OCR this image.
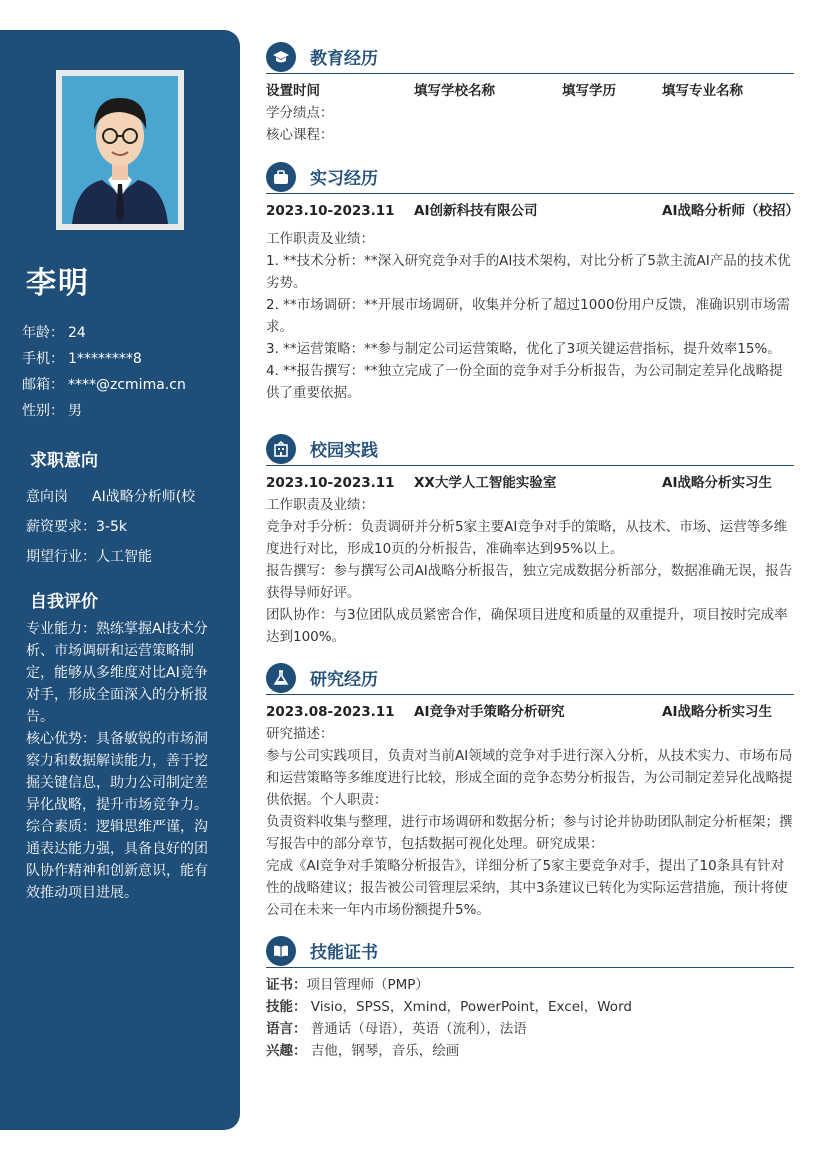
李明
年龄： 24
手机： 1********8
邮箱： ****@zcmima.cn
性别： 男
求职意向
意向岗	AI战略分析师(校
薪资要求： 3-5k
期望行业： 人工智能
自我评价

专业能力：熟练掌握AI技术分析、市场调研和运营策略制定，能够从多维度对比AI竞争对手，形成全面深入的分析报告。

核心优势：具备敏锐的市场洞察力和数据解读能力，善于挖掘关键信息，助力公司制定差异化战略，提升市场竞争力。

综合素质：逻辑思维严谨，沟通表达能力强，具备良好的团队协作精神和创新意识，能有效推动项目进展。

教育经历
设置时间	填写学校名称	填写学历	填写专业名称
学分绩点：
核心课程：
实习经历
2023.10-2023.11	AI创新科技有限公司	AI战略分析师（校招）
工作职责及业绩：
1. **技术分析：**深入研究竞争对手的AI技术架构，对比分析了5款主流AI产品的技术优劣势。
2. **市场调研：**开展市场调研，收集并分析了超过1000份用户反馈，准确识别市场需求。
3. **运营策略：**参与制定公司运营策略，优化了3项关键运营指标，提升效率15%。
4. **报告撰写：**独立完成了一份全面的竞争对手分析报告，为公司制定差异化战略提供了重要依据。
校园实践
2023.10-2023.11	XX大学人工智能实验室	AI战略分析实习生
工作职责及业绩：
竞争对手分析：负责调研并分析5家主要AI竞争对手的策略，从技术、市场、运营等多维度进行对比，形成10页的分析报告，准确率达到95%以上。
报告撰写：参与撰写公司AI战略分析报告，独立完成数据分析部分，数据准确无误，报告获得导师好评。
团队协作：与3位团队成员紧密合作，确保项目进度和质量的双重提升，项目按时完成率达到100%。
研究经历
2023.08-2023.11	AI竞争对手策略分析研究	AI战略分析实习生
研究描述：
参与公司实践项目，负责对当前AI领域的竞争对手进行深入分析，从技术实力、市场布局和运营策略等多维度进行比较，形成全面的竞争态势分析报告，为公司制定差异化战略提供依据。个人职责：
负责资料收集与整理，进行市场调研和数据分析；参与讨论并协助团队制定分析框架；撰写报告中的部分章节，包括数据可视化处理。研究成果：
完成《AI竞争对手策略分析报告》，详细分析了5家主要竞争对手，提出了10条具有针对性的战略建议；报告被公司管理层采纳，其中3条建议已转化为实际运营措施，预计将使公司在未来一年内市场份额提升5%。
技能证书
证书：项目管理师（PMP）
技能： Visio，SPSS，Xmind，PowerPoint，Excel，Word
语言： 普通话（母语），英语（流利），法语
兴趣： 吉他，钢琴，音乐，绘画
